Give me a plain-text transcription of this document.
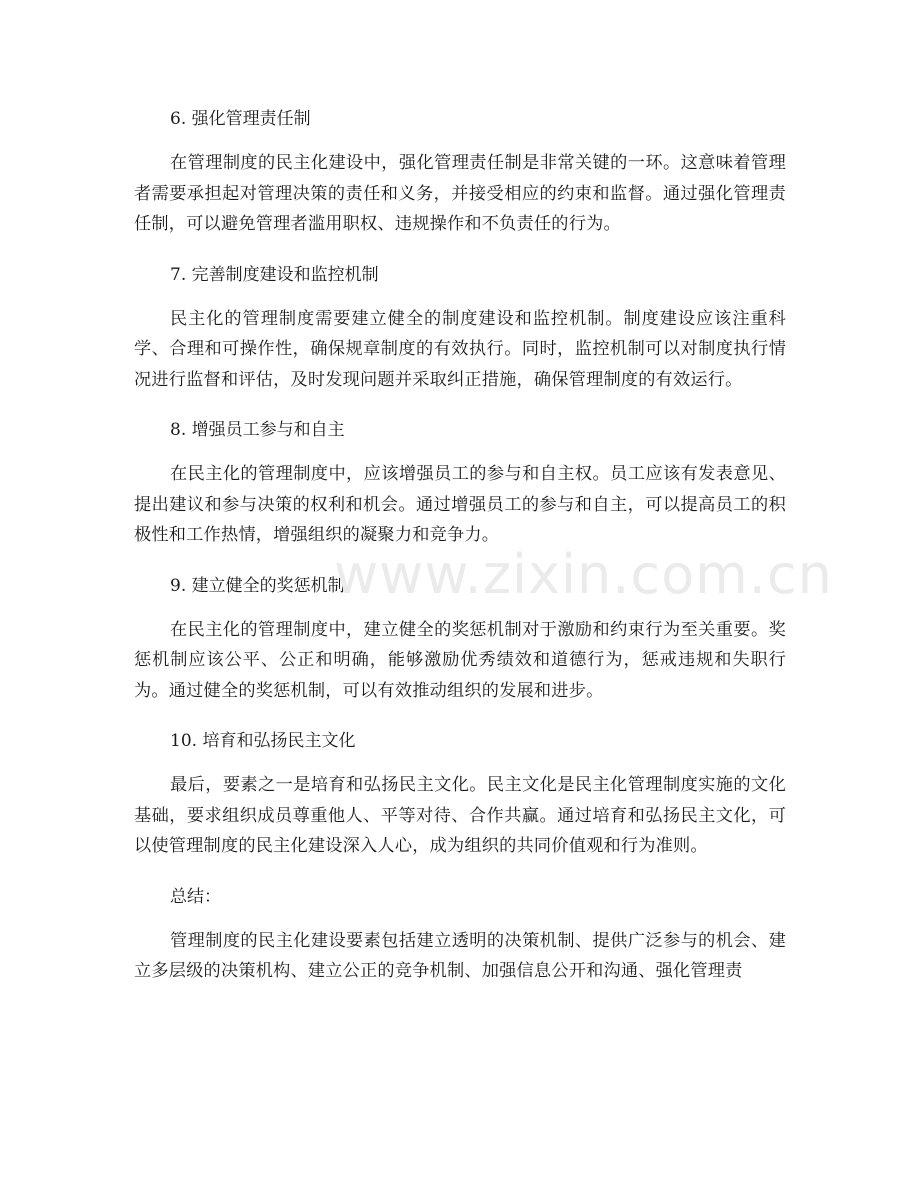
6. 强化管理责任制

在管理制度的民主化建设中，强化管理责任制是非常关键的一环。这意味着管理者需要承担起对管理决策的责任和义务，并接受相应的约束和监督。通过强化管理责任制，可以避免管理者滥用职权、违规操作和不负责任的行为。

7. 完善制度建设和监控机制

民主化的管理制度需要建立健全的制度建设和监控机制。制度建设应该注重科学、合理和可操作性，确保规章制度的有效执行。同时，监控机制可以对制度执行情况进行监督和评估，及时发现问题并采取纠正措施，确保管理制度的有效运行。

8. 增强员工参与和自主

在民主化的管理制度中，应该增强员工的参与和自主权。员工应该有发表意见、提出建议和参与决策的权利和机会。通过增强员工的参与和自主，可以提高员工的积极性和工作热情，增强组织的凝聚力和竞争力。

9. 建立健全的奖惩机制

在民主化的管理制度中，建立健全的奖惩机制对于激励和约束行为至关重要。奖惩机制应该公平、公正和明确，能够激励优秀绩效和道德行为，惩戒违规和失职行为。通过健全的奖惩机制，可以有效推动组织的发展和进步。

10. 培育和弘扬民主文化

最后，要素之一是培育和弘扬民主文化。民主文化是民主化管理制度实施的文化基础，要求组织成员尊重他人、平等对待、合作共赢。通过培育和弘扬民主文化，可以使管理制度的民主化建设深入人心，成为组织的共同价值观和行为准则。

总结：

管理制度的民主化建设要素包括建立透明的决策机制、提供广泛参与的机会、建立多层级的决策机构、建立公正的竞争机制、加强信息公开和沟通、强化管理责

www.zixin.com.cn
